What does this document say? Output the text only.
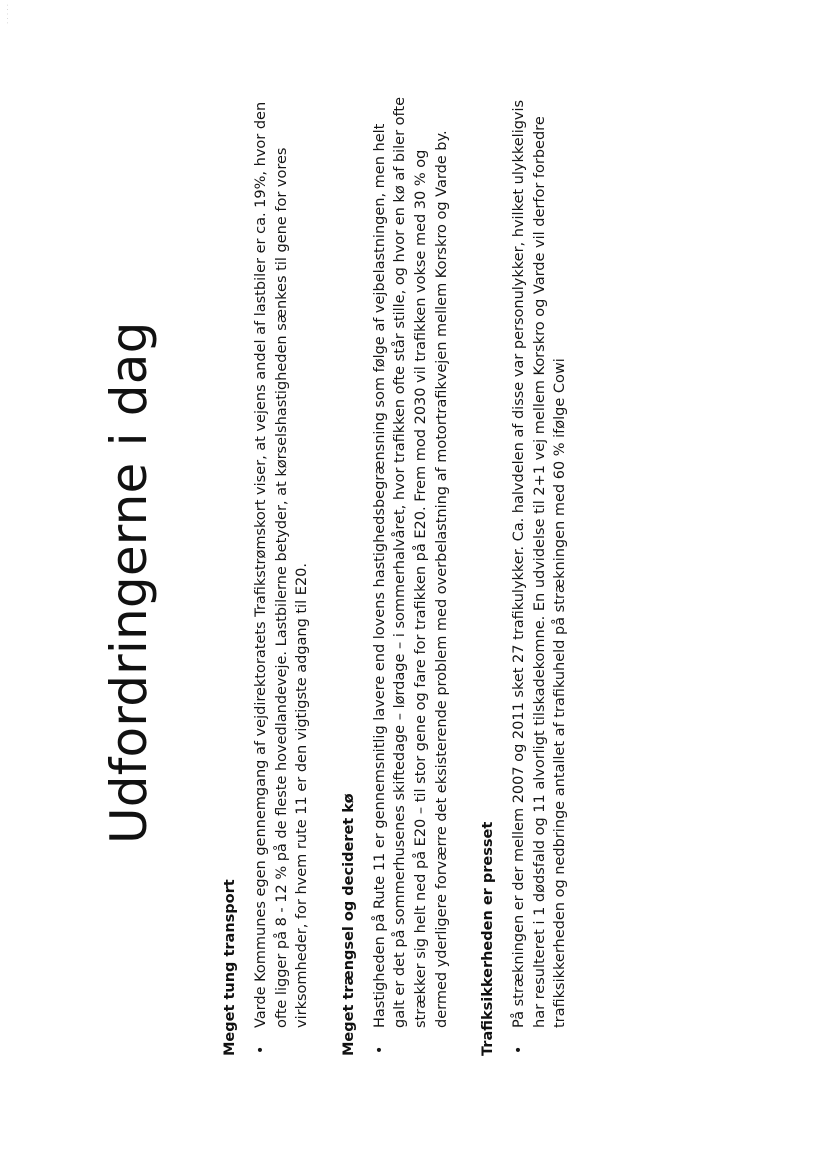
Udfordringerne i dag

Meget tung transport •
Varde Kommunes egen gennemgang af vejdirektoratets Trafikstrømskort viser, at vejens andel af lastbiler er ca. 19%, hvor den ofte ligger på 8 - 12 % på de fleste hovedlandeveje. Lastbilerne betyder, at kørselshastigheden sænkes til gene for vores virksomheder, for hvem rute 11 er den vigtigste adgang til E20. Meget trængsel og decideret kø •
Hastigheden på Rute 11 er gennemsnitlig lavere end lovens hastighedsbegrænsning som følge af vejbelastningen, men helt galt er det på sommerhusenes skiftedage – lørdage – i sommerhalvåret, hvor trafikken ofte står stille, og hvor en kø af biler ofte strækker sig helt ned på E20 – til stor gene og fare for trafikken på E20. Frem mod 2030 vil trafikken vokse med 30 % og dermed yderligere forværre det eksisterende problem med overbelastning af motortrafikvejen mellem Korskro og Varde by. Trafiksikkerheden er presset •
På strækningen er der mellem 2007 og 2011 sket 27 trafikulykker. Ca. halvdelen af disse var personulykker, hvilket ulykkeligvis har resulteret i 1 dødsfald og 11 alvorligt tilskadekomne. En udvidelse til 2+1 vej mellem Korskro og Varde vil derfor forbedre trafiksikkerheden og nedbringe antallet af trafikuheld på strækningen med 60 % ifølge Cowi
· · · · ·
